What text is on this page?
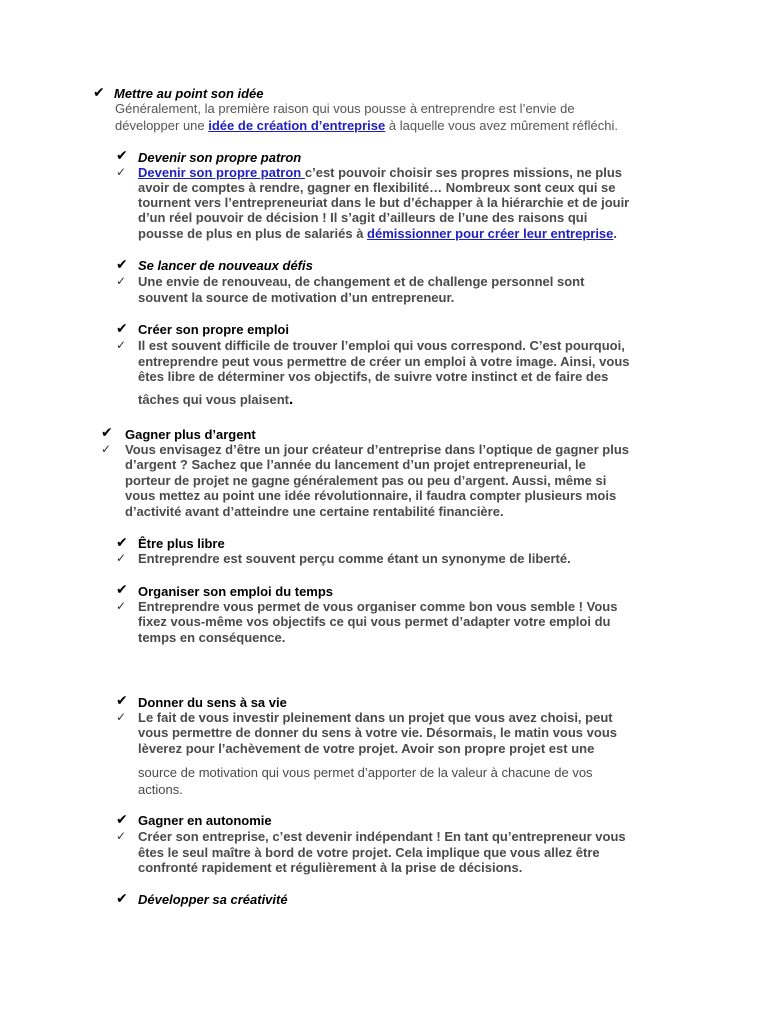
✔ Mettre au point son idée
Généralement, la première raison qui vous pousse à entreprendre est l’envie de
développer une idée de création d’entreprise à laquelle vous avez mûrement réfléchi.
✔ Devenir son propre patron
✓ Devenir son propre patron c’est pouvoir choisir ses propres missions, ne plus
avoir de comptes à rendre, gagner en flexibilité… Nombreux sont ceux qui se
tournent vers l’entrepreneuriat dans le but d’échapper à la hiérarchie et de jouir
d’un réel pouvoir de décision ! Il s’agit d’ailleurs de l’une des raisons qui
pousse de plus en plus de salariés à démissionner pour créer leur entreprise.
✔ Se lancer de nouveaux défis
✓ Une envie de renouveau, de changement et de challenge personnel sont
souvent la source de motivation d’un entrepreneur.
✔ Créer son propre emploi
✓ Il est souvent difficile de trouver l’emploi qui vous correspond. C’est pourquoi,
entreprendre peut vous permettre de créer un emploi à votre image. Ainsi, vous
êtes libre de déterminer vos objectifs, de suivre votre instinct et de faire des
tâches qui vous plaisent.
✔ Gagner plus d’argent
✓ Vous envisagez d’être un jour créateur d’entreprise dans l’optique de gagner plus
d’argent ? Sachez que l’année du lancement d’un projet entrepreneurial, le
porteur de projet ne gagne généralement pas ou peu d’argent. Aussi, même si
vous mettez au point une idée révolutionnaire, il faudra compter plusieurs mois
d’activité avant d’atteindre une certaine rentabilité financière.
✔ Être plus libre
✓ Entreprendre est souvent perçu comme étant un synonyme de liberté.
✔ Organiser son emploi du temps
✓ Entreprendre vous permet de vous organiser comme bon vous semble ! Vous
fixez vous-même vos objectifs ce qui vous permet d’adapter votre emploi du
temps en conséquence.
✔ Donner du sens à sa vie
✓ Le fait de vous investir pleinement dans un projet que vous avez choisi, peut
vous permettre de donner du sens à votre vie. Désormais, le matin vous vous
lèverez pour l’achèvement de votre projet. Avoir son propre projet est une
source de motivation qui vous permet d’apporter de la valeur à chacune de vos
actions.
✔ Gagner en autonomie
✓ Créer son entreprise, c’est devenir indépendant ! En tant qu’entrepreneur vous
êtes le seul maître à bord de votre projet. Cela implique que vous allez être
confronté rapidement et régulièrement à la prise de décisions.
✔ Développer sa créativité
